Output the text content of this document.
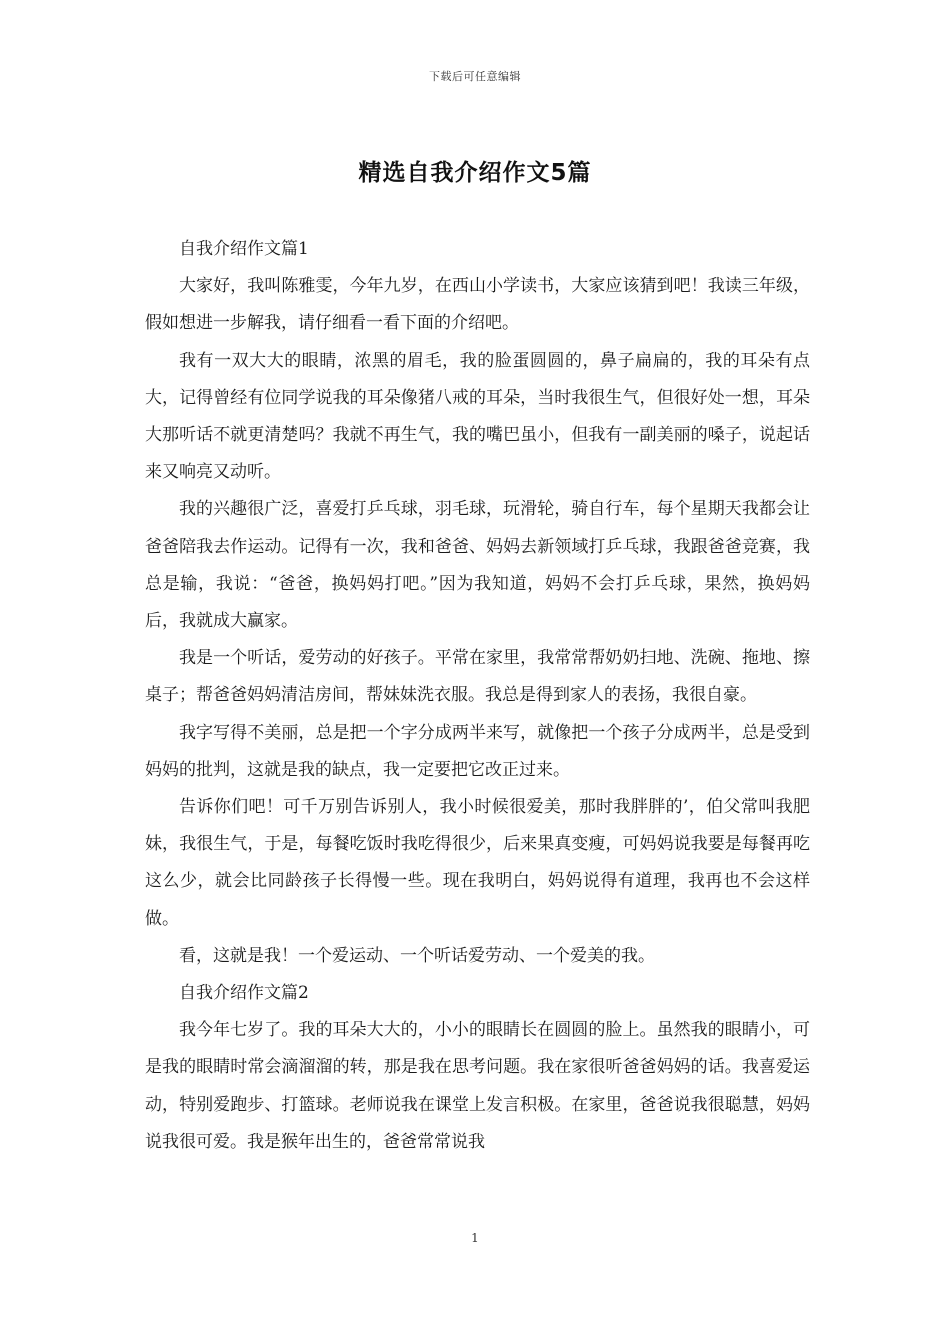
下载后可任意编辑
精选自我介绍作文5篇

自我介绍作文篇1

大家好，我叫陈雅雯，今年九岁，在西山小学读书，大家应该猜到吧！我读三年级，假如想进一步解我，请仔细看一看下面的介绍吧。

我有一双大大的眼睛，浓黑的眉毛，我的脸蛋圆圆的，鼻子扁扁的，我的耳朵有点大，记得曾经有位同学说我的耳朵像猪八戒的耳朵，当时我很生气，但很好处一想，耳朵大那听话不就更清楚吗？我就不再生气，我的嘴巴虽小，但我有一副美丽的嗓子，说起话来又响亮又动听。

我的兴趣很广泛，喜爱打乒乓球，羽毛球，玩滑轮，骑自行车，每个星期天我都会让爸爸陪我去作运动。记得有一次，我和爸爸、妈妈去新领域打乒乓球，我跟爸爸竞赛，我总是输，我说：“爸爸，换妈妈打吧。”因为我知道，妈妈不会打乒乓球，果然，换妈妈后，我就成大赢家。

我是一个听话，爱劳动的好孩子。平常在家里，我常常帮奶奶扫地、洗碗、拖地、擦桌子；帮爸爸妈妈清洁房间，帮妹妹洗衣服。我总是得到家人的表扬，我很自豪。

我字写得不美丽，总是把一个字分成两半来写，就像把一个孩子分成两半，总是受到妈妈的批判，这就是我的缺点，我一定要把它改正过来。

告诉你们吧！可千万别告诉别人，我小时候很爱美，那时我胖胖的’，伯父常叫我肥妹，我很生气，于是，每餐吃饭时我吃得很少，后来果真变瘦，可妈妈说我要是每餐再吃这么少，就会比同龄孩子长得慢一些。现在我明白，妈妈说得有道理，我再也不会这样做。

看，这就是我！一个爱运动、一个听话爱劳动、一个爱美的我。

自我介绍作文篇2

我今年七岁了。我的耳朵大大的，小小的眼睛长在圆圆的脸上。虽然我的眼睛小，可是我的眼睛时常会滴溜溜的转，那是我在思考问题。我在家很听爸爸妈妈的话。我喜爱运动，特别爱跑步、打篮球。老师说我在课堂上发言积极。在家里，爸爸说我很聪慧，妈妈说我很可爱。我是猴年出生的，爸爸常常说我

1
